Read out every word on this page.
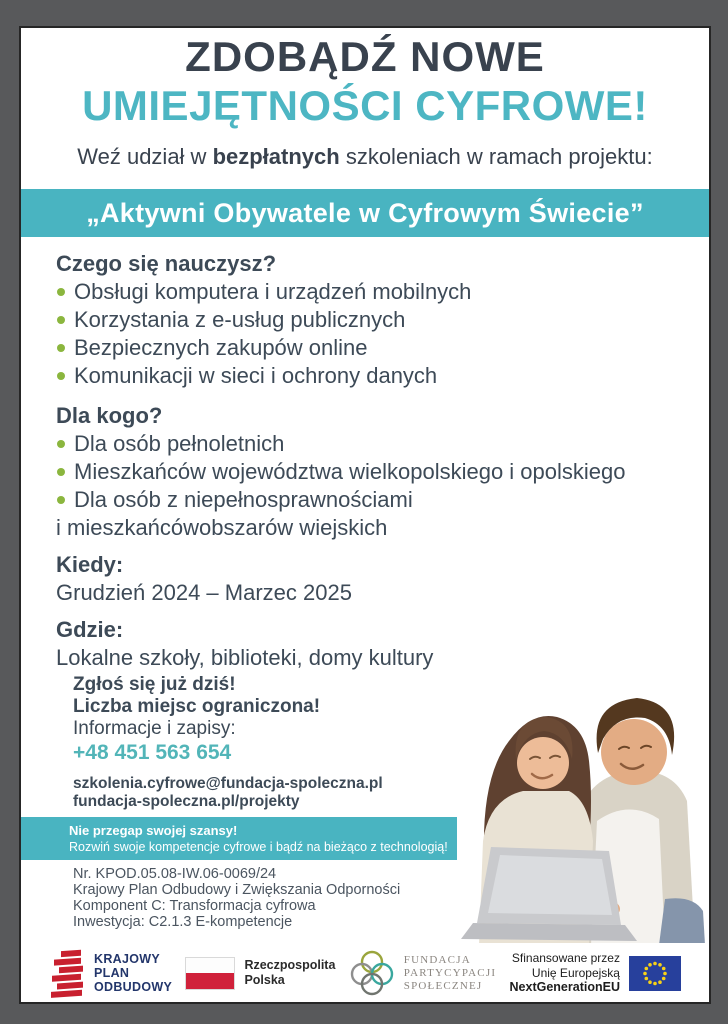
ZDOBĄDŹ NOWE
UMIEJĘTNOŚCI CYFROWE!
Weź udział w bezpłatnych szkoleniach w ramach projektu:
„Aktywni Obywatele w Cyfrowym Świecie”
Czego się nauczysz?
Obsługi komputera i urządzeń mobilnych
Korzystania z e-usług publicznych
Bezpiecznych zakupów online
Komunikacji w sieci i ochrony danych
Dla kogo?
Dla osób pełnoletnich
Mieszkańców województwa wielkopolskiego i opolskiego
Dla osób z niepełnosprawnościami
i mieszkańcówobszarów wiejskich
Kiedy:
Grudzień 2024 – Marzec 2025
Gdzie:
Lokalne szkoły, biblioteki, domy kultury
Zgłoś się już dziś!
Liczba miejsc ograniczona!
Informacje i zapisy:
+48 451 563 654
szkolenia.cyfrowe@fundacja-spoleczna.pl
fundacja-spoleczna.pl/projekty
Nie przegap swojej szansy!
Rozwiń swoje kompetencje cyfrowe i bądź na bieżąco z technologią!
Nr. KPOD.05.08-IW.06-0069/24
Krajowy Plan Odbudowy i Zwiększania Odporności
Komponent C: Transformacja cyfrowa
Inwestycja: C2.1.3 E-kompetencje
KRAJOWY
PLAN
ODBUDOWY
Rzeczpospolita
Polska
FUNDACJA
PARTYCYPACJI
SPOŁECZNEJ
Sfinansowane przez
Unię Europejską
NextGenerationEU
